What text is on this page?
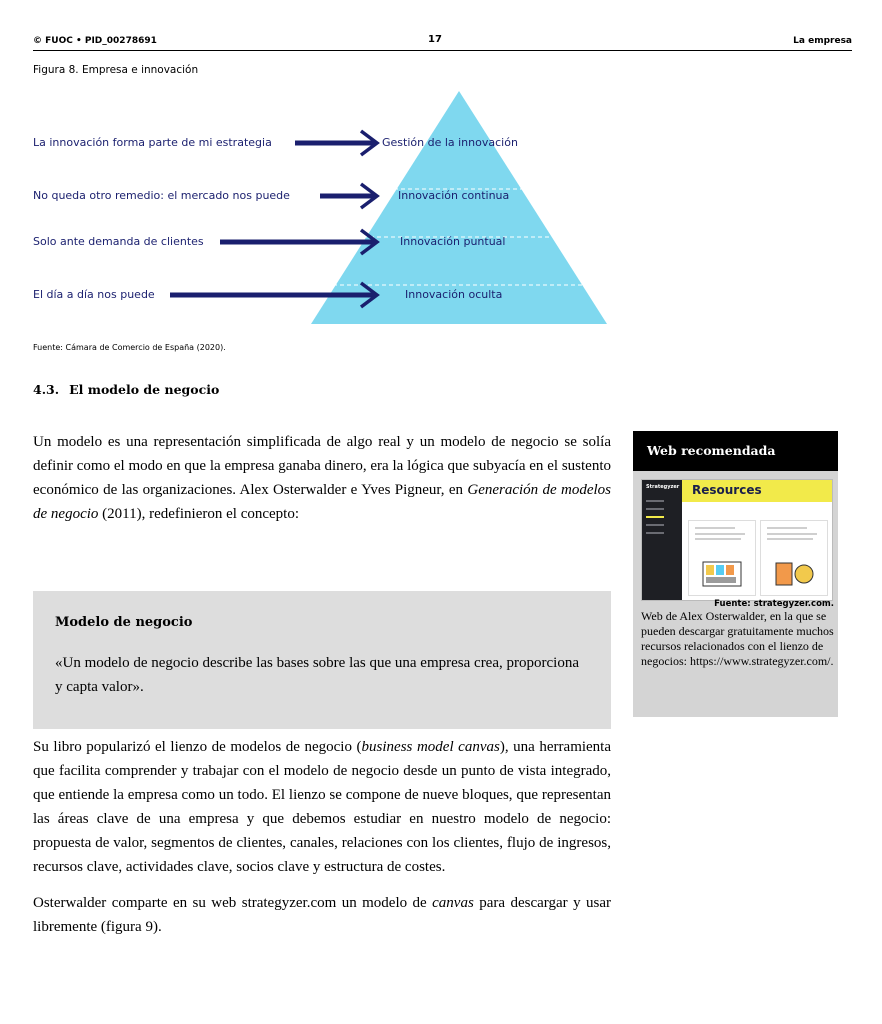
© FUOC • PID_00278691	17	La empresa
Figura 8. Empresa e innovación
La innovación forma parte de mi estrategia
No queda otro remedio: el mercado nos puede
Solo ante demanda de clientes
El día a día nos puede
Gestión de la innovación
Innovación continua
Innovación puntual
Innovación oculta
Fuente: Cámara de Comercio de España (2020).
4.3. El modelo de negocio
Un modelo es una representación simplificada de algo real y un modelo de negocio se solía definir como el modo en que la empresa ganaba dinero, era la lógica que subyacía en el sustento económico de las organizaciones. Alex Osterwalder e Yves Pigneur, en Generación de modelos de negocio (2011), redefinieron el concepto:
Modelo de negocio
«Un modelo de negocio describe las bases sobre las que una empresa crea, proporciona y capta valor».
Su libro popularizó el lienzo de modelos de negocio (business model canvas), una herramienta que facilita comprender y trabajar con el modelo de negocio desde un punto de vista integrado, que entiende la empresa como un todo. El lienzo se compone de nueve bloques, que representan las áreas clave de una empresa y que debemos estudiar en nuestro modelo de negocio: propuesta de valor, segmentos de clientes, canales, relaciones con los clientes, flujo de ingresos, recursos clave, actividades clave, socios clave y estructura de costes.
Osterwalder comparte en su web strategyzer.com un modelo de canvas para descargar y usar libremente (figura 9).
Web recomendada
Strategyzer Resources
Fuente: strategyzer.com.
Web de Alex Osterwalder, en la que se pueden descargar gratuitamente muchos recursos relacionados con el lienzo de negocios: https://www.strategyzer.com/.
